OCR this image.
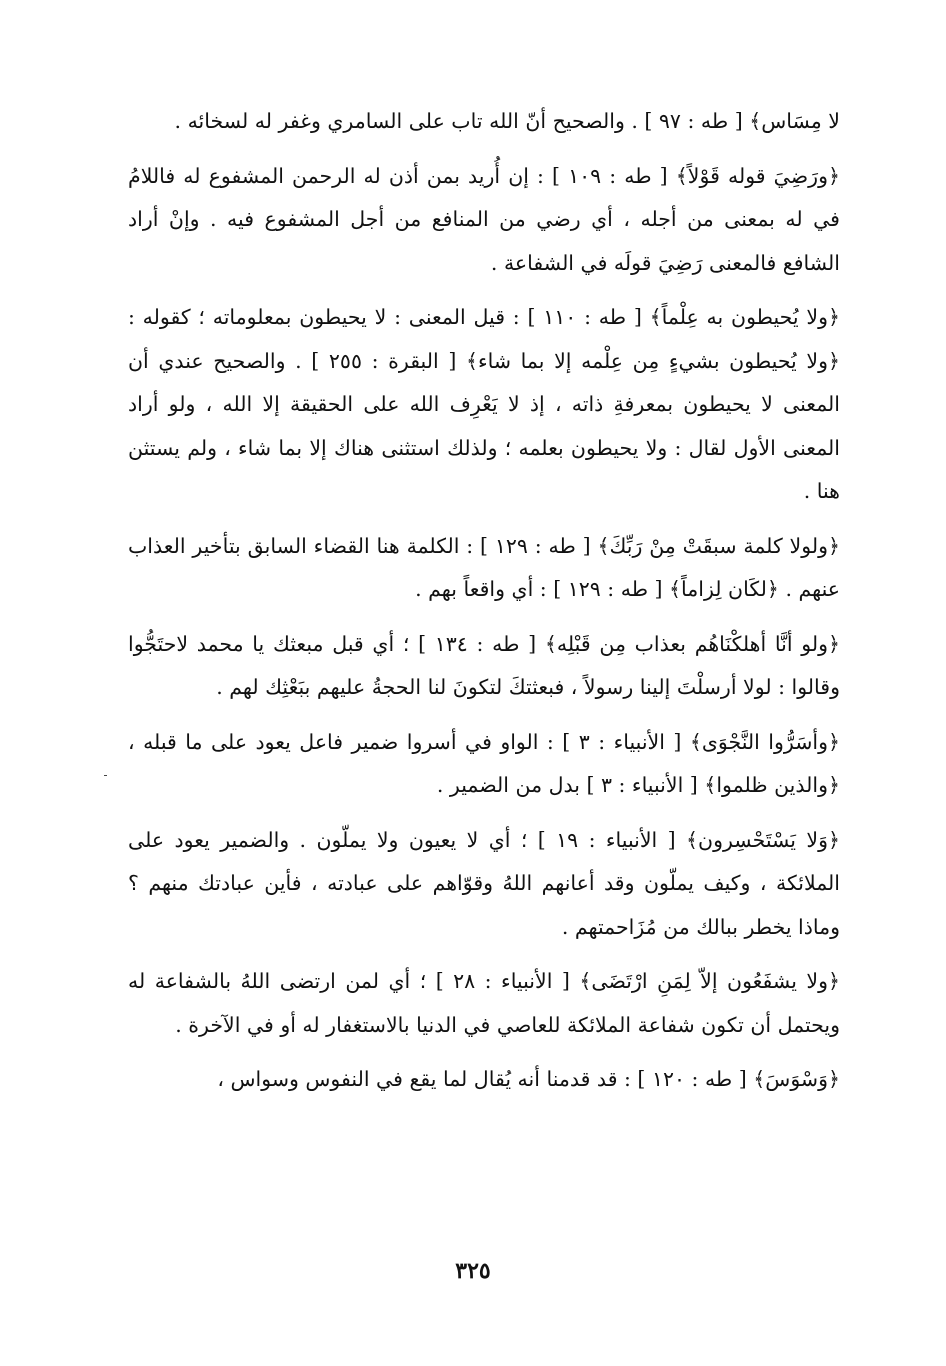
لا مِسَاس﴾ [ طه : ٩٧ ] . والصحيح أنّ الله تاب على السامري وغفر له لسخائه .

﴿ورَضِيَ قوله قَوْلاً﴾ [ طه : ١٠٩ ] : إن أُريد بمن أذن له الرحمن المشفوع له فاللامُ في له بمعنى من أجله ، أي رضي من المنافع من أجل المشفوع فيه . وإنْ أراد الشافع فالمعنى رَضِيَ قولَه في الشفاعة .

﴿ولا يُحيطون به عِلْماً﴾ [ طه : ١١٠ ] : قيل المعنى : لا يحيطون بمعلوماته ؛ كقوله : ﴿ولا يُحيطون بشيءٍ مِن عِلْمه إلا بما شاء﴾ [ البقرة : ٢٥٥ ] . والصحيح عندي أن المعنى لا يحيطون بمعرفةِ ذاته ، إذ لا يَعْرِف الله على الحقيقة إلا الله ، ولو أراد المعنى الأول لقال : ولا يحيطون بعلمه ؛ ولذلك استثنى هناك إلا بما شاء ، ولم يستثن هنا .

﴿ولولا كلمة سبقَتْ مِنْ رَبِّكَ﴾ [ طه : ١٢٩ ] : الكلمة هنا القضاء السابق بتأخير العذاب عنهم . ﴿لكَان لِزاماً﴾ [ طه : ١٢٩ ] : أي واقعاً بهم .

﴿ولو أنَّا أهلكْنَاهُم بعذاب مِن قَبْلِه﴾ [ طه : ١٣٤ ] ؛ أي قبل مبعثك يا محمد لاحتَجُّوا وقالوا : لولا أرسلْتَ إلينا رسولاً ، فبعثتكَ لتكونَ لنا الحجةُ عليهم ببَعْثِك لهم .

﴿وأسَرُّوا النَّجْوَى﴾ [ الأنبياء : ٣ ] : الواو في أسروا ضمير فاعل يعود على ما قبله ، ﴿والذين ظلموا﴾ [ الأنبياء : ٣ ] بدل من الضمير .

﴿وَلا يَسْتَحْسِرون﴾ [ الأنبياء : ١٩ ] ؛ أي لا يعيون ولا يملّون . والضمير يعود على الملائكة ، وكيف يملّون وقد أعانهم اللهُ وقوّاهم على عبادته ، فأين عبادتك منهم ؟ وماذا يخطر ببالك من مُزَاحمتهم .

﴿ولا يشفَعُون إلاّ لِمَنِ ارْتَضَى﴾ [ الأنبياء : ٢٨ ] ؛ أي لمن ارتضى اللهُ بالشفاعة له ويحتمل أن تكون شفاعة الملائكة للعاصي في الدنيا بالاستغفار له أو في الآخرة .

﴿وَسْوَسَ﴾ [ طه : ١٢٠ ] : قد قدمنا أنه يُقال لما يقع في النفوس وسواس ،

٣٢٥
